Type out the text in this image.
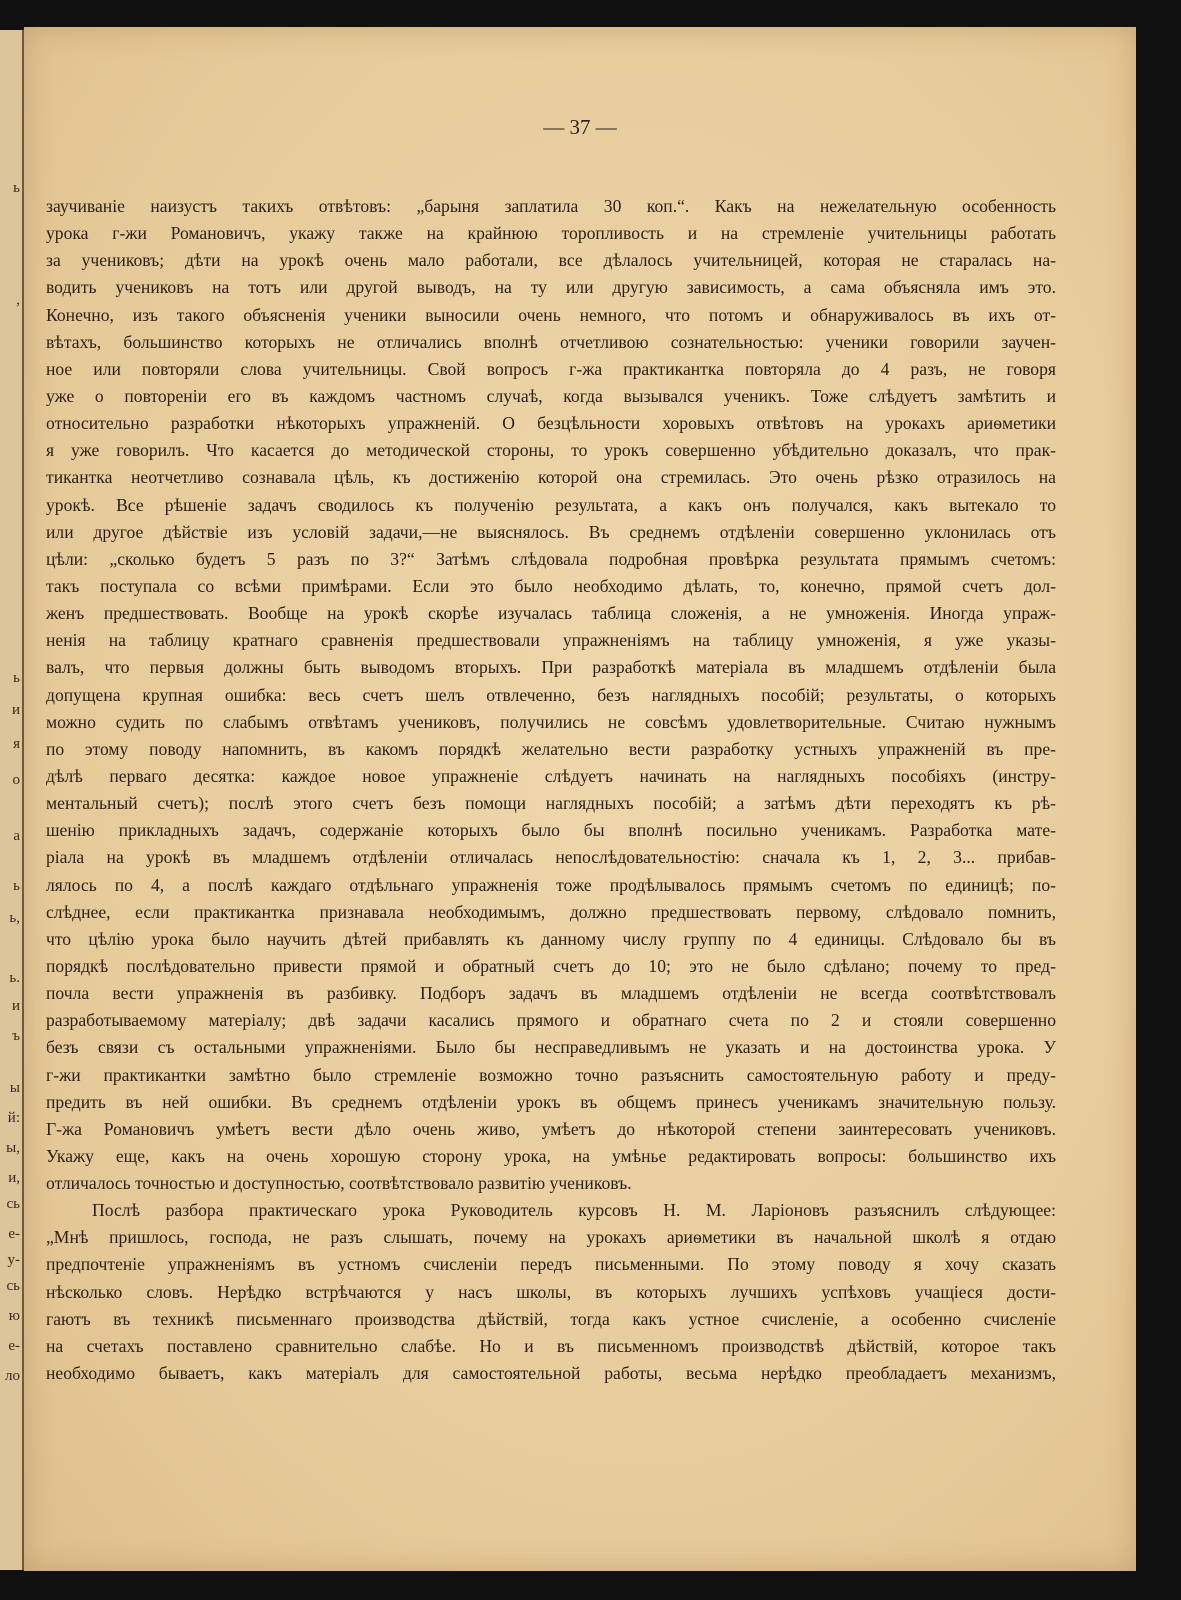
ь
,
ь
и
я
о
а
ь
ь,
ь.
и
ъ
ы
й:
ы,
и,
сь
е-
у-
сь
ю
е-
ло
— 37 —
заучиваніе наизустъ такихъ отвѣтовъ: „барыня заплатила 30 коп.“. Какъ на нежелательную особенность
урока г-жи Романовичъ, укажу также на крайнюю торопливость и на стремленіе учительницы работать
за учениковъ; дѣти на урокѣ очень мало работали, все дѣлалось учительницей, которая не старалась на-
водить учениковъ на тотъ или другой выводъ, на ту или другую зависимость, а сама объясняла имъ это.
Конечно, изъ такого объясненія ученики выносили очень немного, что потомъ и обнаруживалось въ ихъ от-
вѣтахъ, большинство которыхъ не отличались вполнѣ отчетливою сознательностью: ученики говорили заучен-
ное или повторяли слова учительницы. Свой вопросъ г-жа практикантка повторяла до 4 разъ, не говоря
уже о повтореніи его въ каждомъ частномъ случаѣ, когда вызывался ученикъ. Тоже слѣдуетъ замѣтить и
относительно разработки нѣкоторыхъ упражненій. О безцѣльности хоровыхъ отвѣтовъ на урокахъ ариѳметики
я уже говорилъ. Что касается до методической стороны, то урокъ совершенно убѣдительно доказалъ, что прак-
тикантка неотчетливо сознавала цѣль, къ достиженію которой она стремилась. Это очень рѣзко отразилось на
урокѣ. Все рѣшеніе задачъ сводилось къ полученію результата, а какъ онъ получался, какъ вытекало то
или другое дѣйствіе изъ условій задачи,—не выяснялось. Въ среднемъ отдѣленіи совершенно уклонилась отъ
цѣли: „сколько будетъ 5 разъ по 3?“ Затѣмъ слѣдовала подробная провѣрка результата прямымъ счетомъ:
такъ поступала со всѣми примѣрами. Если это было необходимо дѣлать, то, конечно, прямой счетъ дол-
женъ предшествовать. Вообще на урокѣ скорѣе изучалась таблица сложенія, а не умноженія. Иногда упраж-
ненія на таблицу кратнаго сравненія предшествовали упражненіямъ на таблицу умноженія, я уже указы-
валъ, что первыя должны быть выводомъ вторыхъ. При разработкѣ матеріала въ младшемъ отдѣленіи была
допущена крупная ошибка: весь счетъ шелъ отвлеченно, безъ наглядныхъ пособій; результаты, о которыхъ
можно судить по слабымъ отвѣтамъ учениковъ, получились не совсѣмъ удовлетворительные. Считаю нужнымъ
по этому поводу напомнить, въ какомъ порядкѣ желательно вести разработку устныхъ упражненій въ пре-
дѣлѣ перваго десятка: каждое новое упражненіе слѣдуетъ начинать на наглядныхъ пособіяхъ (инстру-
ментальный счетъ); послѣ этого счетъ безъ помощи наглядныхъ пособій; а затѣмъ дѣти переходятъ къ рѣ-
шенію прикладныхъ задачъ, содержаніе которыхъ было бы вполнѣ посильно ученикамъ. Разработка мате-
ріала на урокѣ въ младшемъ отдѣленіи отличалась непослѣдовательностію: сначала къ 1, 2, 3... прибав-
лялось по 4, а послѣ каждаго отдѣльнаго упражненія тоже продѣлывалось прямымъ счетомъ по единицѣ; по-
слѣднее, если практикантка признавала необходимымъ, должно предшествовать первому, слѣдовало помнить,
что цѣлію урока было научить дѣтей прибавлять къ данному числу группу по 4 единицы. Слѣдовало бы въ
порядкѣ послѣдовательно привести прямой и обратный счетъ до 10; это не было сдѣлано; почему то пред-
почла вести упражненія въ разбивку. Подборъ задачъ въ младшемъ отдѣленіи не всегда соотвѣтствовалъ
разработываемому матеріалу; двѣ задачи касались прямого и обратнаго счета по 2 и стояли совершенно
безъ связи съ остальными упражненіями. Было бы несправедливымъ не указать и на достоинства урока. У
г-жи практикантки замѣтно было стремленіе возможно точно разъяснить самостоятельную работу и преду-
предить въ ней ошибки. Въ среднемъ отдѣленіи урокъ въ общемъ принесъ ученикамъ значительную пользу.
Г-жа Романовичъ умѣетъ вести дѣло очень живо, умѣетъ до нѣкоторой степени заинтересовать учениковъ.
Укажу еще, какъ на очень хорошую сторону урока, на умѣнье редактировать вопросы: большинство ихъ
отличалось точностью и доступностью, соотвѣтствовало развитію учениковъ.
Послѣ разбора практическаго урока Руководитель курсовъ Н. М. Ларіоновъ разъяснилъ слѣдующее:
„Мнѣ пришлось, господа, не разъ слышать, почему на урокахъ ариѳметики въ начальной школѣ я отдаю
предпочтеніе упражненіямъ въ устномъ счисленіи передъ письменными. По этому поводу я хочу сказать
нѣсколько словъ. Нерѣдко встрѣчаются у насъ школы, въ которыхъ лучшихъ успѣховъ учащіеся дости-
гаютъ въ техникѣ письменнаго производства дѣйствій, тогда какъ устное счисленіе, а особенно счисленіе
на счетахъ поставлено сравнительно слабѣе. Но и въ письменномъ производствѣ дѣйствій, которое такъ
необходимо бываетъ, какъ матеріалъ для самостоятельной работы, весьма нерѣдко преобладаетъ механизмъ,
